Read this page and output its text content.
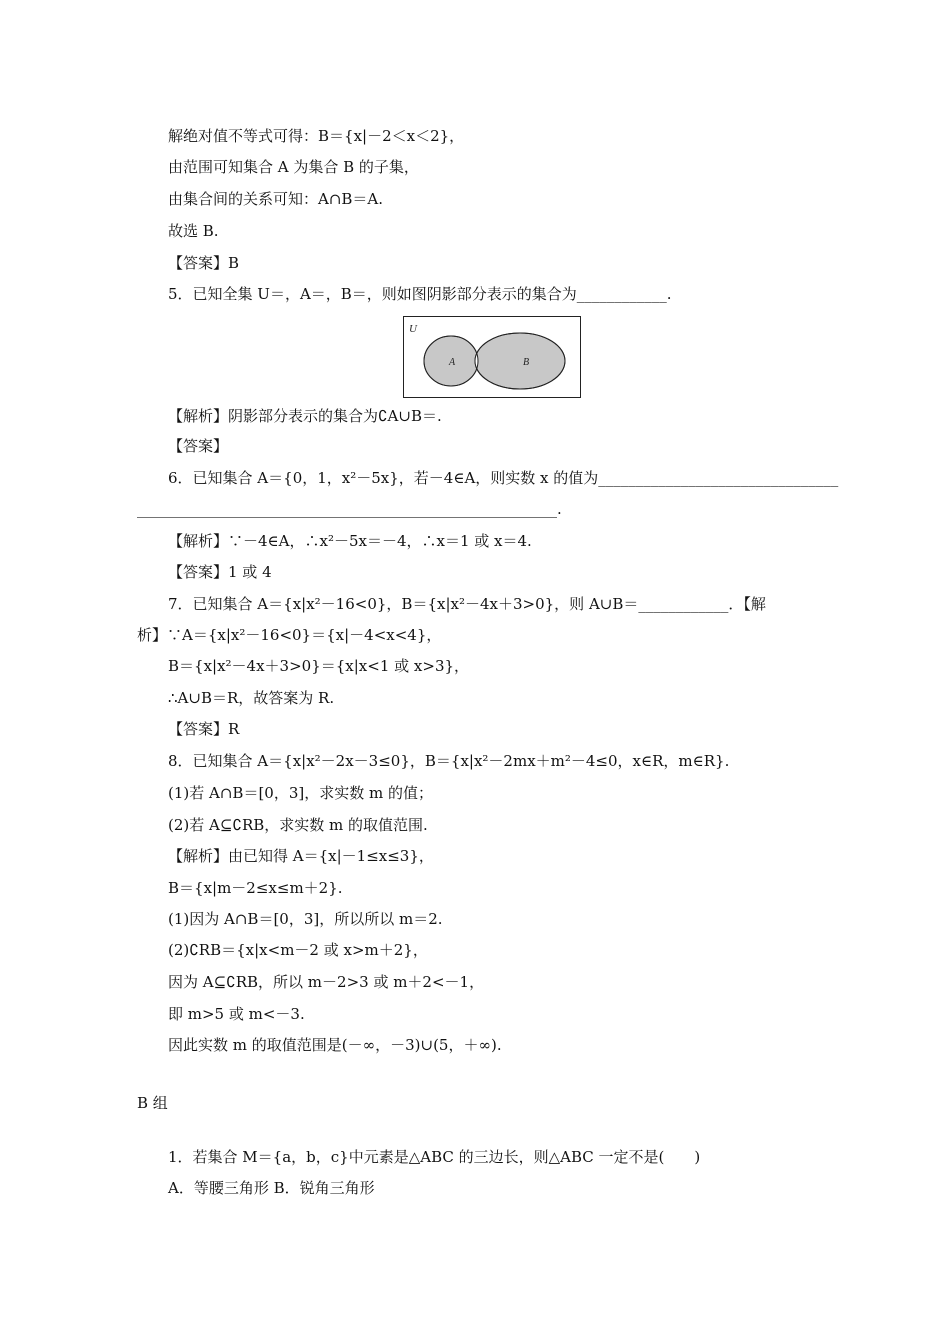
解绝对值不等式可得：B＝{x|－2＜x＜2}，
由范围可知集合 A 为集合 B 的子集，
由集合间的关系可知：A∩B＝A.
故选 B.
【答案】B
5．已知全集 U＝，A＝，B＝，则如图阴影部分表示的集合为____________.
U
A	B
【解析】阴影部分表示的集合为∁A∪B＝.
【答案】
6．已知集合 A＝{0，1，x²－5x}，若－4∈A，则实数 x 的值为________________________________
________________________________________________________.
【解析】∵－4∈A，∴x²－5x＝－4，∴x＝1 或 x＝4.
【答案】1 或 4
7．已知集合 A＝{x|x²－16<0}，B＝{x|x²－4x＋3>0}，则 A∪B＝____________．【解
析】∵A＝{x|x²－16<0}＝{x|－4<x<4}，
B＝{x|x²－4x＋3>0}＝{x|x<1 或 x>3}，
∴A∪B＝R，故答案为 R.
【答案】R
8．已知集合 A＝{x|x²－2x－3≤0}，B＝{x|x²－2mx＋m²－4≤0，x∈R，m∈R}.
(1)若 A∩B＝[0，3]，求实数 m 的值；
(2)若 A⊆∁RB，求实数 m 的取值范围.
【解析】由已知得 A＝{x|－1≤x≤3}，
B＝{x|m－2≤x≤m＋2}.
(1)因为 A∩B＝[0，3]，所以所以 m＝2.
(2)∁RB＝{x|x<m－2 或 x>m＋2}，
因为 A⊆∁RB，所以 m－2>3 或 m＋2<－1，
即 m>5 或 m<－3.
因此实数 m 的取值范围是(－∞，－3)∪(5，＋∞).
B 组
1．若集合 M＝{a，b，c}中元素是△ABC 的三边长，则△ABC 一定不是(　　)
A．等腰三角形 B．锐角三角形
